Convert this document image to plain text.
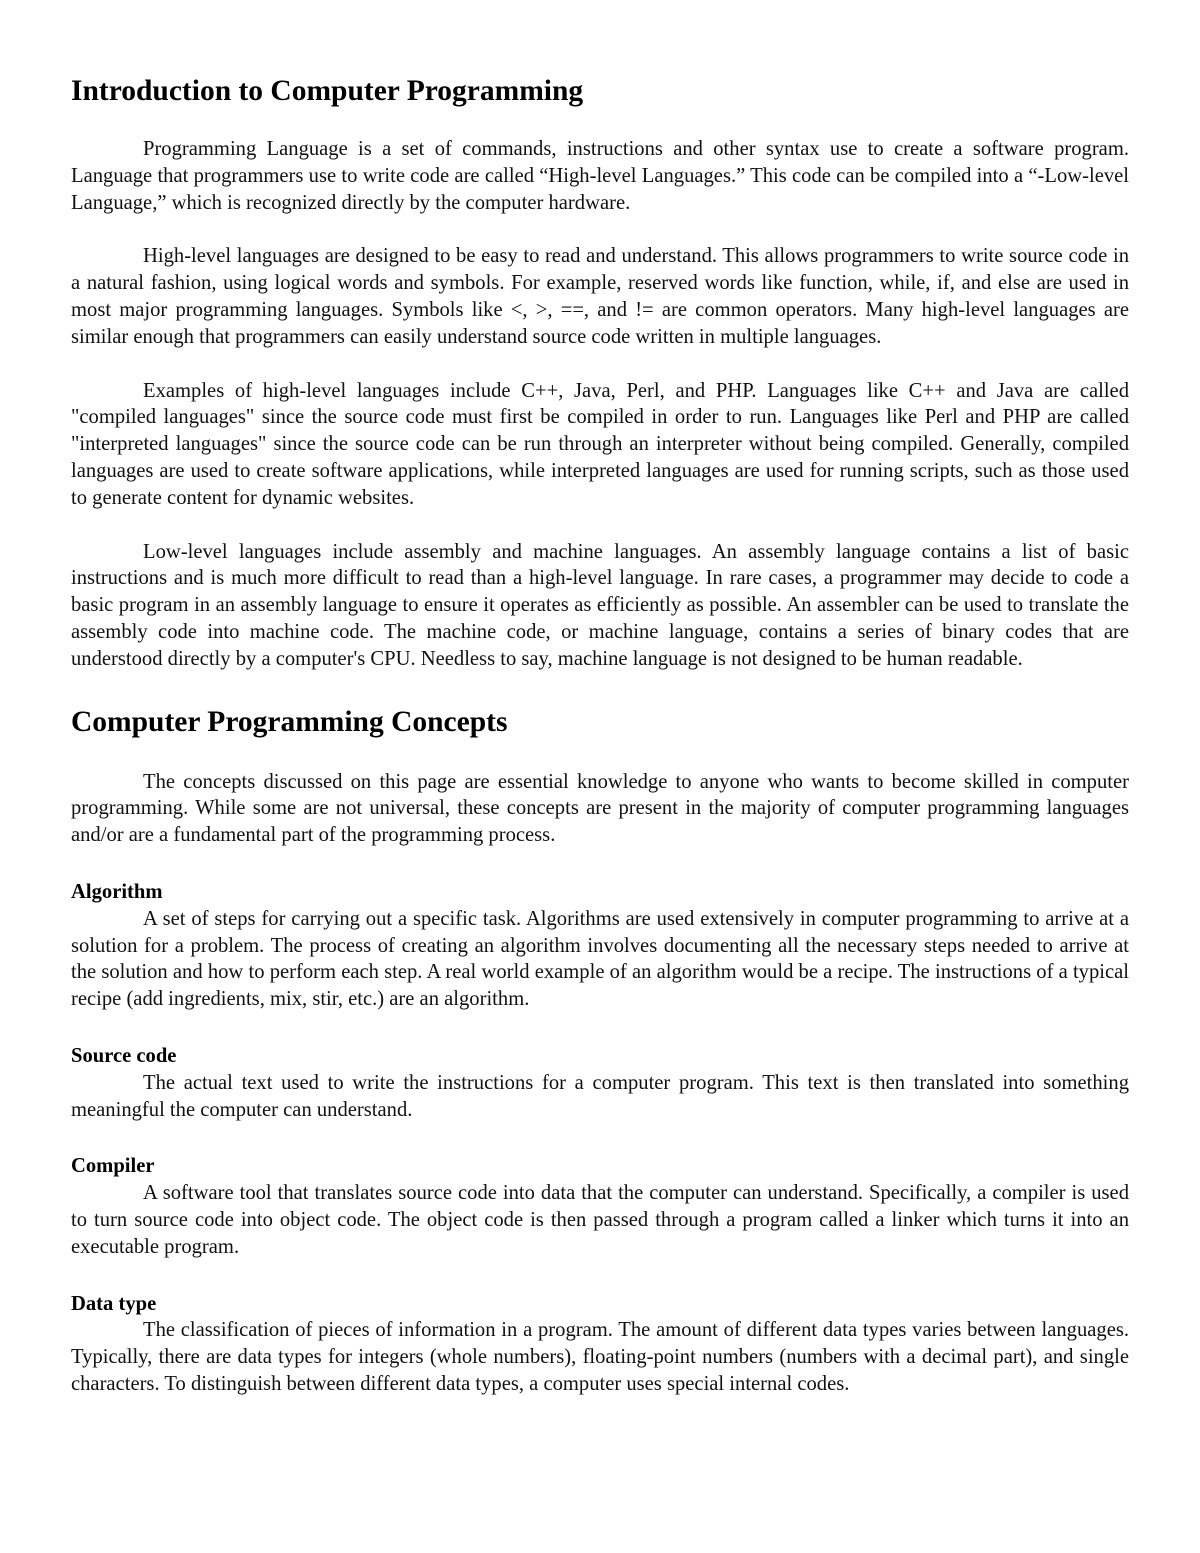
Introduction to Computer Programming

Programming Language is a set of commands, instructions and other syntax use to create a software program. Language that programmers use to write code are called “High-level Languages.” This code can be compiled into a “-Low-level Language,” which is recognized directly by the computer hardware.

High-level languages are designed to be easy to read and understand. This allows programmers to write source code in a natural fashion, using logical words and symbols. For example, reserved words like function, while, if, and else are used in most major programming languages. Symbols like <, >, ==, and != are common operators. Many high-level languages are similar enough that programmers can easily understand source code written in multiple languages.

Examples of high-level languages include C++, Java, Perl, and PHP. Languages like C++ and Java are called "compiled languages" since the source code must first be compiled in order to run. Languages like Perl and PHP are called "interpreted languages" since the source code can be run through an interpreter without being compiled. Generally, compiled languages are used to create software applications, while interpreted languages are used for running scripts, such as those used to generate content for dynamic websites.

Low-level languages include assembly and machine languages. An assembly language contains a list of basic instructions and is much more difficult to read than a high-level language. In rare cases, a programmer may decide to code a basic program in an assembly language to ensure it operates as efficiently as possible. An assembler can be used to translate the assembly code into machine code. The machine code, or machine language, contains a series of binary codes that are understood directly by a computer's CPU. Needless to say, machine language is not designed to be human readable.

Computer Programming Concepts

The concepts discussed on this page are essential knowledge to anyone who wants to become skilled in computer programming. While some are not universal, these concepts are present in the majority of computer programming languages and/or are a fundamental part of the programming process.

Algorithm

A set of steps for carrying out a specific task. Algorithms are used extensively in computer programming to arrive at a solution for a problem. The process of creating an algorithm involves documenting all the necessary steps needed to arrive at the solution and how to perform each step. A real world example of an algorithm would be a recipe. The instructions of a typical recipe (add ingredients, mix, stir, etc.) are an algorithm.

Source code

The actual text used to write the instructions for a computer program. This text is then translated into something meaningful the computer can understand.

Compiler

A software tool that translates source code into data that the computer can understand. Specifically, a compiler is used to turn source code into object code. The object code is then passed through a program called a linker which turns it into an executable program.

Data type

The classification of pieces of information in a program. The amount of different data types varies between languages. Typically, there are data types for integers (whole numbers), floating-point numbers (numbers with a decimal part), and single characters. To distinguish between different data types, a computer uses special internal codes.
